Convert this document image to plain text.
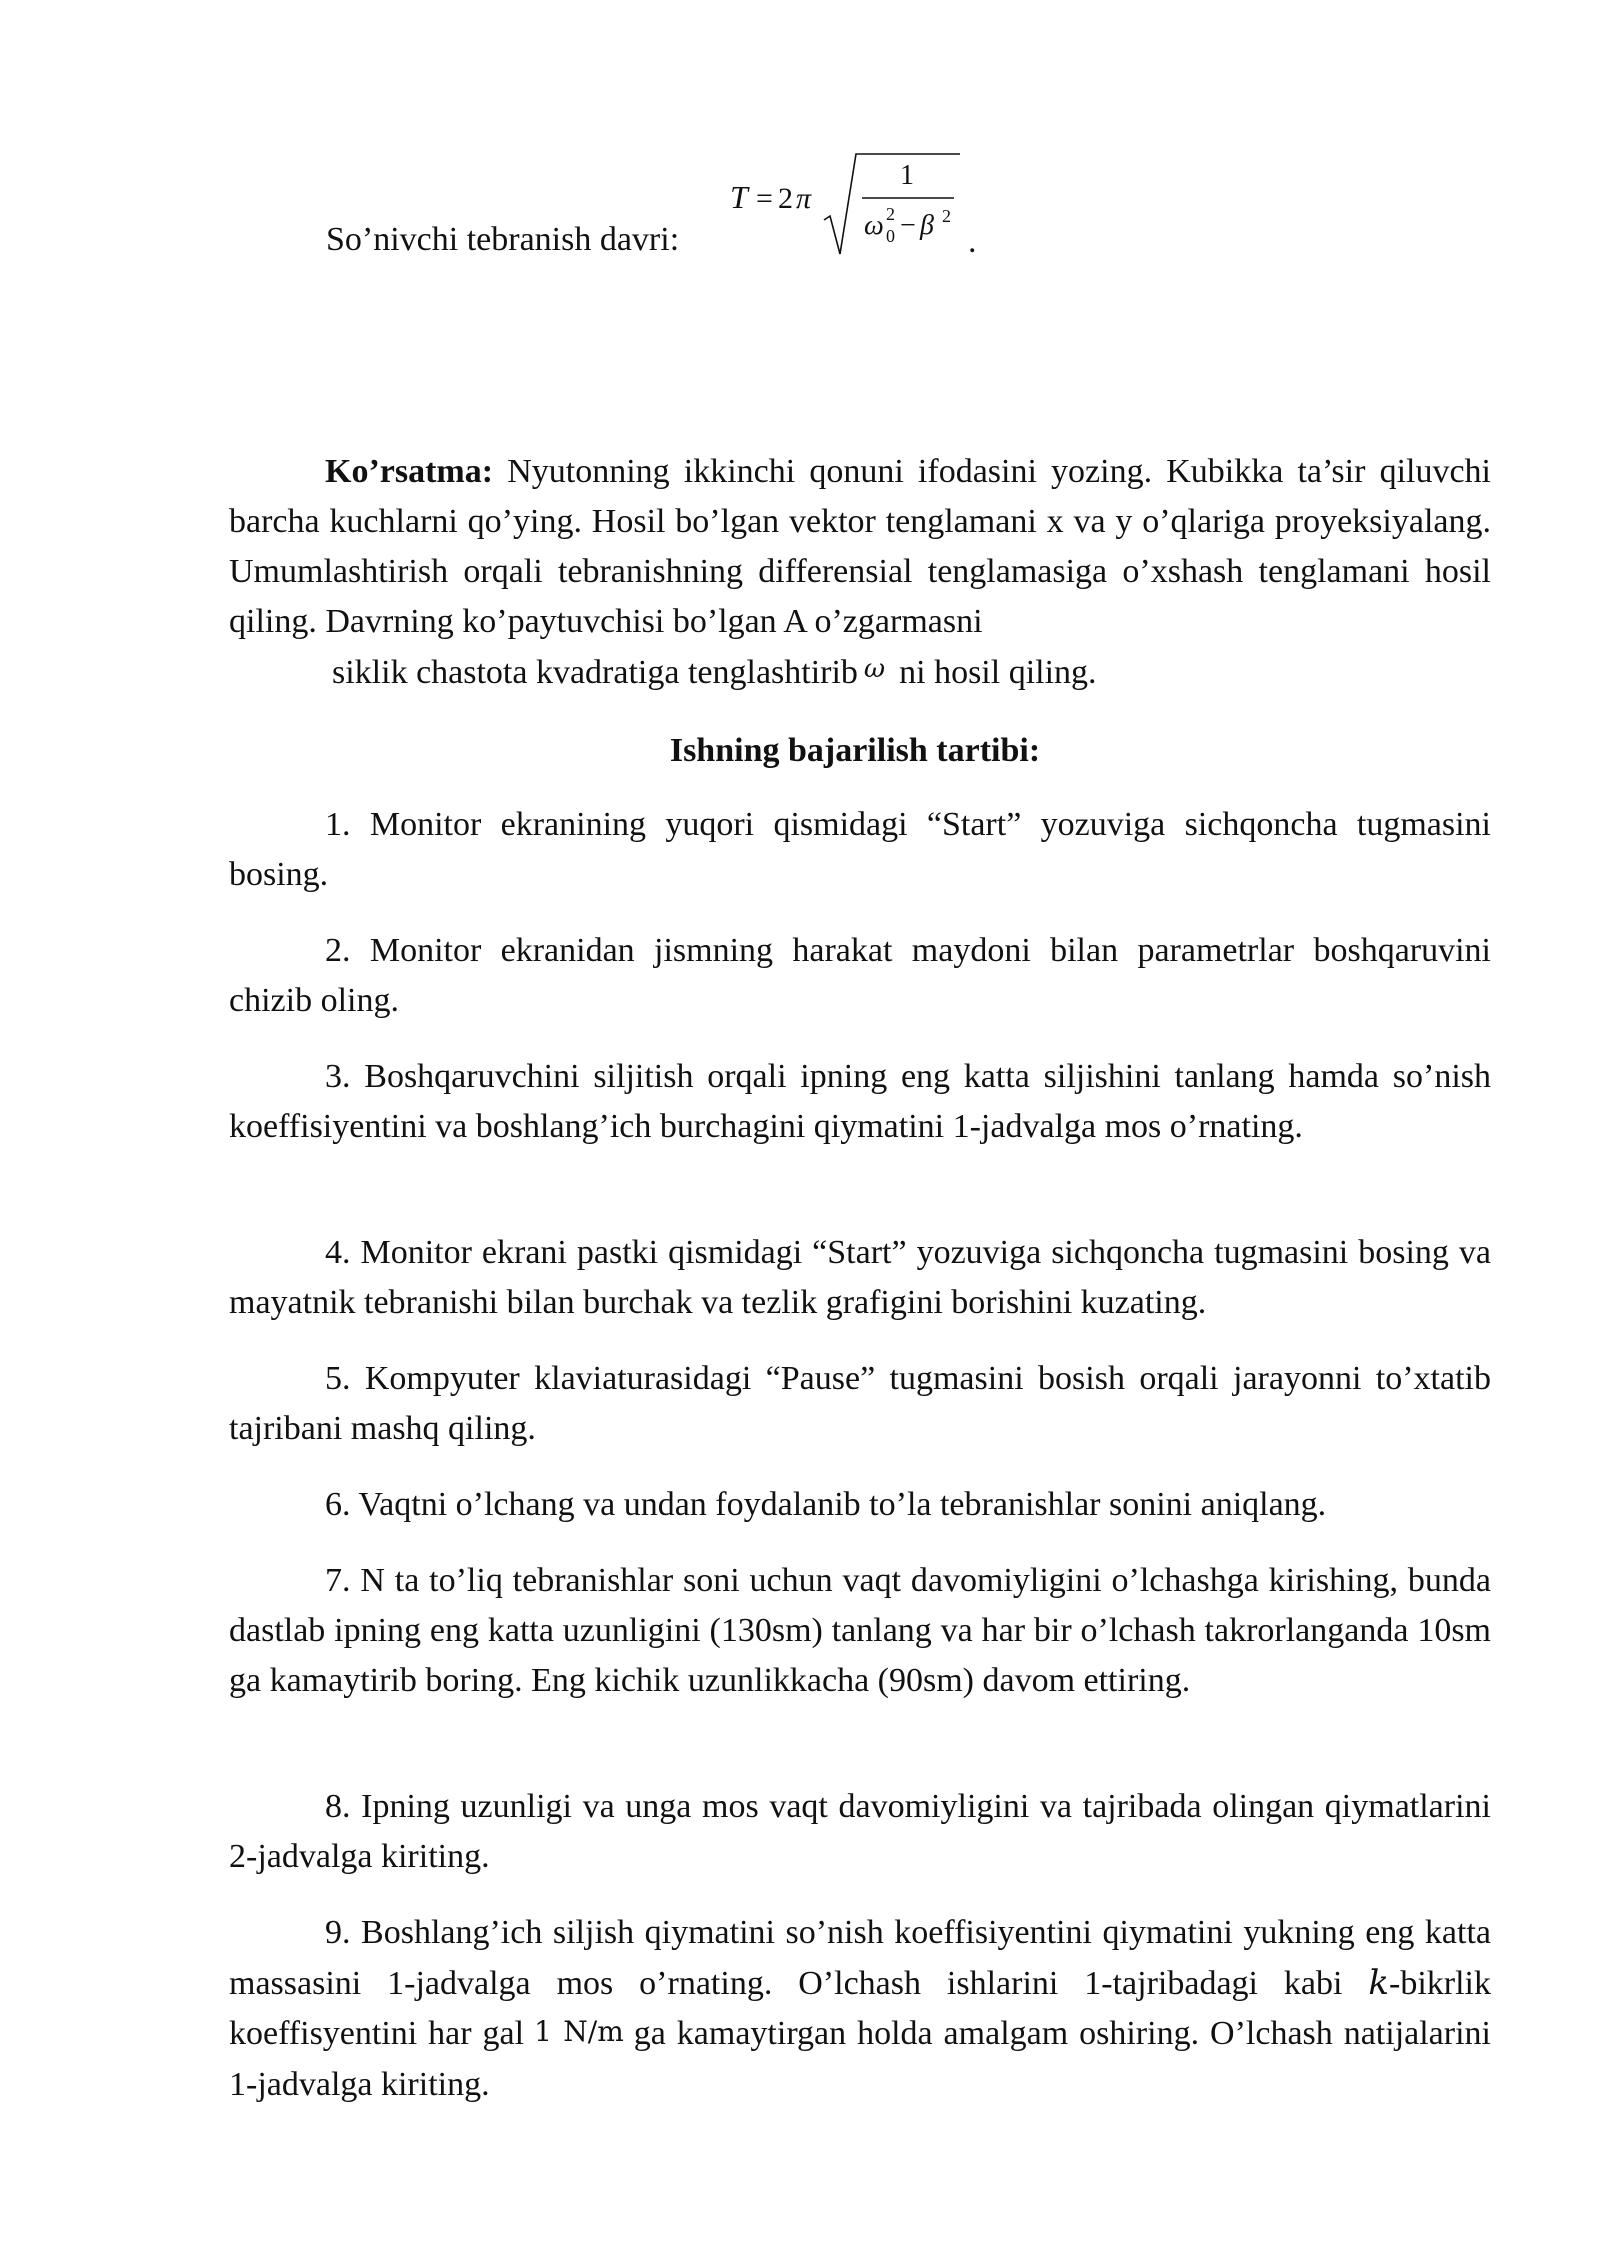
So’nivchi tebranish davri:
T = 2 π
1
ω 2
0 − β 2
.
Ko’rsatma: Nyutonning ikkinchi qonuni ifodasini yozing. Kubikka ta’sir qiluvchi barcha kuchlarni qo’ying. Hosil bo’lgan vektor tenglamani x va y o’qlariga proyeksiyalang. Umumlashtirish orqali tebranishning differensial tenglamasiga o’xshash tenglamani hosil qiling. Davrning ko’paytuvchisi bo’lgan A o’zgarmasni
siklik chastota kvadratiga tenglashtirib ω ni hosil qiling.
Ishning bajarilish tartibi:
1. Monitor ekranining yuqori qismidagi “Start” yozuviga sichqoncha tugmasini bosing.
2. Monitor ekranidan jismning harakat maydoni bilan parametrlar boshqaruvini chizib oling.
3. Boshqaruvchini siljitish orqali ipning eng katta siljishini tanlang hamda so’nish koeffisiyentini va boshlang’ich burchagini qiymatini 1-jadvalga mos o’rnating.
4. Monitor ekrani pastki qismidagi “Start” yozuviga sichqoncha tugmasini bosing va mayatnik tebranishi bilan burchak va tezlik grafigini borishini kuzating.
5. Kompyuter klaviaturasidagi “Pause” tugmasini bosish orqali jarayonni to’xtatib tajribani mashq qiling.
6. Vaqtni o’lchang va undan foydalanib to’la tebranishlar sonini aniqlang.
7. N ta to’liq tebranishlar soni uchun vaqt davomiyligini o’lchashga kirishing, bunda dastlab ipning eng katta uzunligini (130sm) tanlang va har bir o’lchash takrorlanganda 10sm ga kamaytirib boring. Eng kichik uzunlikkacha (90sm) davom ettiring.
8. Ipning uzunligi va unga mos vaqt davomiyligini va tajribada olingan qiymatlarini 2-jadvalga kiriting.
9. Boshlang’ich siljish qiymatini so’nish koeffisiyentini qiymatini yukning eng katta massasini 1-jadvalga mos o’rnating. O’lchash ishlarini 1-tajribadagi kabi k-bikrlik koeffisyentini har gal 1 N/m ga kamaytirgan holda amalgam oshiring. O’lchash natijalarini 1-jadvalga kiriting.
